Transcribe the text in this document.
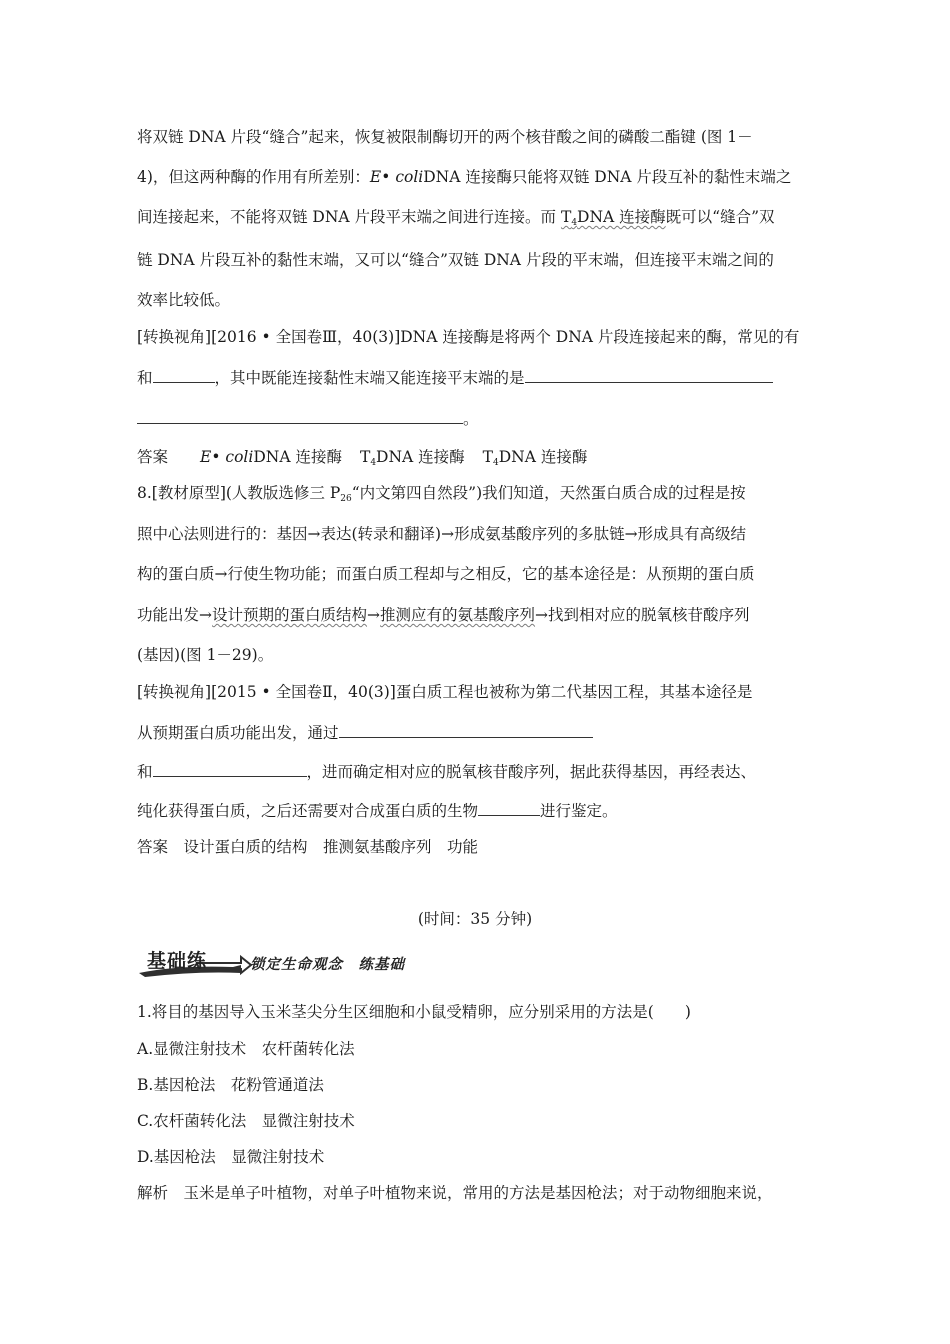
将双链 DNA 片段“缝合”起来，恢复被限制酶切开的两个核苷酸之间的磷酸二酯键 (图 1－
4)，但这两种酶的作用有所差别：E• coliDNA 连接酶只能将双链 DNA 片段互补的黏性末端之
间连接起来，不能将双链 DNA 片段平末端之间进行连接。而 $T_4DNA$ 连接酶既可以“缝合”双
链 DNA 片段互补的黏性末端，又可以“缝合”双链 DNA 片段的平末端，但连接平末端之间的
效率比较低。
[转换视角][2016 • 全国卷Ⅲ，40(3)]DNA 连接酶是将两个 DNA 片段连接起来的酶，常见的有
和	，其中既能连接黏性末端又能连接平末端的是
。
答案 E• coliDNA 连接酶 $T_4DNA$ 连接酶 $T_4DNA$ 连接酶
8.[教材原型](人教版选修三 $P_{26}“$内文第四自然段”)我们知道，天然蛋白质合成的过程是按
照中心法则进行的：基因→表达(转录和翻译)→形成氨基酸序列的多肽链→形成具有高级结
构的蛋白质→行使生物功能；而蛋白质工程却与之相反，它的基本途径是：从预期的蛋白质
功能出发→设计预期的蛋白质结构→推测应有的氨基酸序列→找到相对应的脱氧核苷酸序列
(基因)(图 1－29)。
[转换视角][2015 • 全国卷Ⅱ，40(3)]蛋白质工程也被称为第二代基因工程，其基本途径是
从预期蛋白质功能出发，通过
和	，进而确定相对应的脱氧核苷酸序列，据此获得基因，再经表达、
纯化获得蛋白质，之后还需要对合成蛋白质的生物	进行鉴定。
答案　设计蛋白质的结构　推测氨基酸序列　功能
(时间：35 分钟)
基础练	锁定生命观念　练基础
1.将目的基因导入玉米茎尖分生区细胞和小鼠受精卵，应分别采用的方法是(　　)
A.显微注射技术　农杆菌转化法
B.基因枪法　花粉管通道法
C.农杆菌转化法　显微注射技术
D.基因枪法　显微注射技术
解析　玉米是单子叶植物，对单子叶植物来说，常用的方法是基因枪法；对于动物细胞来说，
